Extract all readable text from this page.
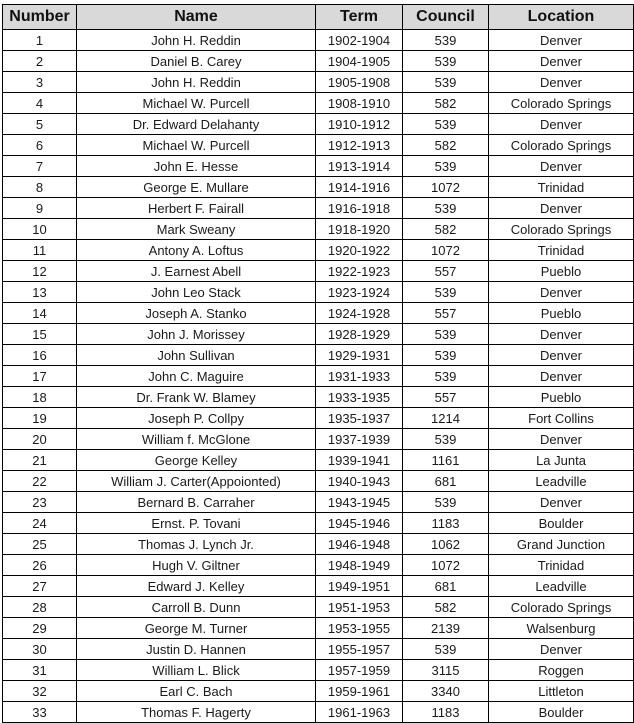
Number	Name	Term	Council	Location
1	John H. Reddin	1902-1904	539	Denver
2	Daniel B. Carey	1904-1905	539	Denver
3	John H. Reddin	1905-1908	539	Denver
4	Michael W. Purcell	1908-1910	582	Colorado Springs
5	Dr. Edward Delahanty	1910-1912	539	Denver
6	Michael W. Purcell	1912-1913	582	Colorado Springs
7	John E. Hesse	1913-1914	539	Denver
8	George E. Mullare	1914-1916	1072	Trinidad
9	Herbert F. Fairall	1916-1918	539	Denver
10	Mark Sweany	1918-1920	582	Colorado Springs
11	Antony A. Loftus	1920-1922	1072	Trinidad
12	J. Earnest Abell	1922-1923	557	Pueblo
13	John Leo Stack	1923-1924	539	Denver
14	Joseph A. Stanko	1924-1928	557	Pueblo
15	John J. Morissey	1928-1929	539	Denver
16	John Sullivan	1929-1931	539	Denver
17	John C. Maguire	1931-1933	539	Denver
18	Dr. Frank W. Blamey	1933-1935	557	Pueblo
19	Joseph P. Collpy	1935-1937	1214	Fort Collins
20	William f. McGlone	1937-1939	539	Denver
21	George Kelley	1939-1941	1161	La Junta
22	William J. Carter(Appoionted)	1940-1943	681	Leadville
23	Bernard B. Carraher	1943-1945	539	Denver
24	Ernst. P. Tovani	1945-1946	1183	Boulder
25	Thomas J. Lynch Jr.	1946-1948	1062	Grand Junction
26	Hugh V. Giltner	1948-1949	1072	Trinidad
27	Edward J. Kelley	1949-1951	681	Leadville
28	Carroll B. Dunn	1951-1953	582	Colorado Springs
29	George M. Turner	1953-1955	2139	Walsenburg
30	Justin D. Hannen	1955-1957	539	Denver
31	William L. Blick	1957-1959	3115	Roggen
32	Earl C. Bach	1959-1961	3340	Littleton
33	Thomas F. Hagerty	1961-1963	1183	Boulder
